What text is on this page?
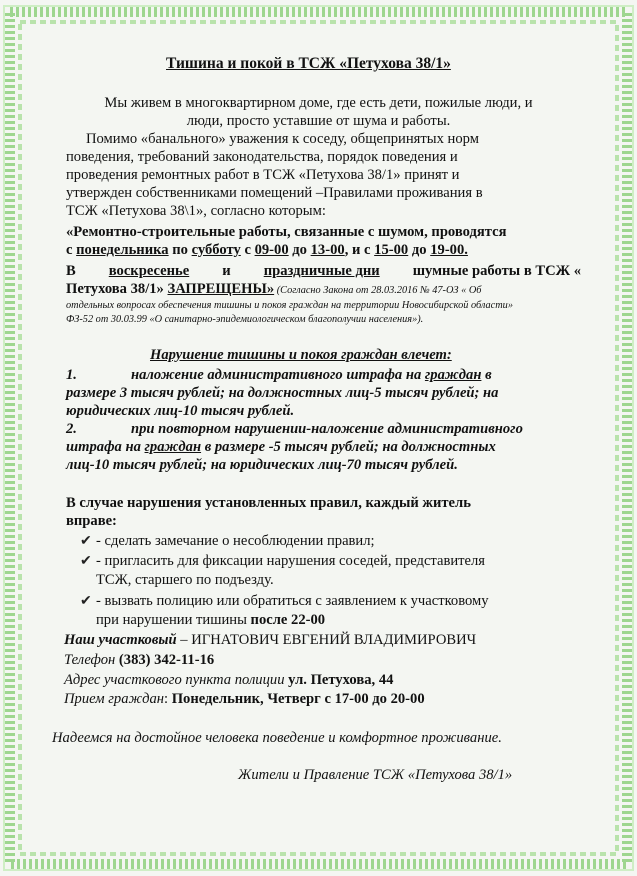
Тишина и покой в ТСЖ «Петухова 38/1»
Мы живем в многоквартирном доме, где есть дети, пожилые люди, и
люди, просто уставшие от шума и работы.
Помимо «банального» уважения к соседу, общепринятых норм
поведения, требований законодательства, порядок поведения и
проведения ремонтных работ в ТСЖ «Петухова 38/1» принят и
утвержден собственниками помещений –Правилами проживания в
ТСЖ «Петухова 38\1», согласно которым:
«Ремонтно-строительные работы, связанные с шумом, проводятся
с понедельника по субботу с 09-00 до 13-00, и с 15-00 до 19-00.
В воскресенье и праздничные дни шумные работы в ТСЖ «
Петухова 38/1» ЗАПРЕЩЕНЫ» (Согласно Закона от 28.03.2016 № 47-ОЗ « Об
отдельных вопросах обеспечения тишины и покоя граждан на территории Новосибирской области»
ФЗ-52 от 30.03.99 «О санитарно-эпидемиологическом благополучии населения»).
Нарушение тишины и покоя граждан влечет:
1.	наложение административного штрафа на граждан в
размере 3 тысяч рублей; на должностных лиц-5 тысяч рублей; на
юридических лиц-10 тысяч рублей.
2.	при повторном нарушении-наложение административного
штрафа на граждан в размере -5 тысяч рублей; на должностных
лиц-10 тысяч рублей; на юридических лиц-70 тысяч рублей.
В случае нарушения установленных правил, каждый житель
вправе:
✔ - сделать замечание о несоблюдении правил;
✔ - пригласить для фиксации нарушения соседей, представителя
ТСЖ, старшего по подъезду.
✔ - вызвать полицию или обратиться с заявлением к участковому
при нарушении тишины после 22-00
Наш участковый – ИГНАТОВИЧ ЕВГЕНИЙ ВЛАДИМИРОВИЧ
Телефон (383) 342-11-16
Адрес участкового пункта полиции ул. Петухова, 44
Прием граждан: Понедельник, Четверг с 17-00 до 20-00
Надеемся на достойное человека поведение и комфортное проживание.
Жители и Правление ТСЖ «Петухова 38/1»
